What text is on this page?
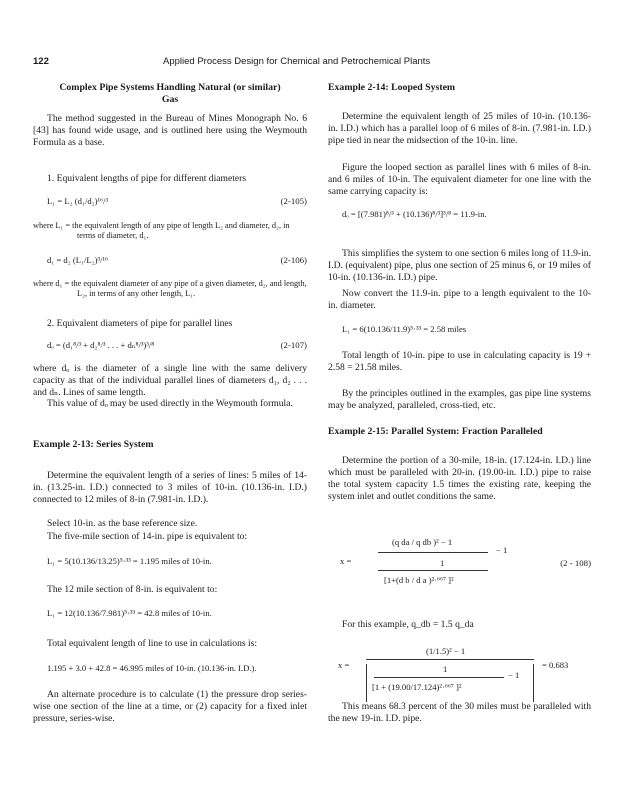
122	Applied Process Design for Chemical and Petrochemical Plants
Complex Pipe Systems Handling Natural (or similar) Gas
The method suggested in the Bureau of Mines Monograph No. 6 [43] has found wide usage, and is outlined here using the Weymouth Formula as a base.
1. Equivalent lengths of pipe for different diameters
L₁ = L₂ (d₁/d₂)¹⁶/³	(2-105)
where L₁ = the equivalent length of any pipe of length L₂ and diameter, d₂, in terms of diameter, d₁.
d₁ = d₂ (L₁/L₂)³/¹⁶	(2-106)
where d₁ = the equivalent diameter of any pipe of a given diameter, d₂, and length, L₂, in terms of any other length, L₁.
2. Equivalent diameters of pipe for parallel lines
dₒ = (d₁⁸/³ + d₂⁸/³ . . . + dₙ⁸/³)³/⁸	(2-107)
where dₒ is the diameter of a single line with the same delivery capacity as that of the individual parallel lines of diameters d₁, d₂ . . . and dₙ. Lines of same length.
This value of dₒ may be used directly in the Weymouth formula.
Example 2-13: Series System
Determine the equivalent length of a series of lines: 5 miles of 14-in. (13.25-in. I.D.) connected to 3 miles of 10-in. (10.136-in. I.D.) connected to 12 miles of 8-in (7.981-in. I.D.).
Select 10-in. as the base reference size.
The five-mile section of 14-in. pipe is equivalent to:
L₁ = 5(10.136/13.25)⁵·³³ = 1.195 miles of 10-in.
The 12 mile section of 8-in. is equivalent to:
L₁ = 12(10.136/7.981)⁵·³³ = 42.8 miles of 10-in.
Total equivalent length of line to use in calculations is:
1.195 + 3.0 + 42.8 = 46.995 miles of 10-in. (10.136-in. I.D.).
An alternate procedure is to calculate (1) the pressure drop series-wise one section of the line at a time, or (2) capacity for a fixed inlet pressure, series-wise.
Example 2-14: Looped System
Determine the equivalent length of 25 miles of 10-in. (10.136-in. I.D.) which has a parallel loop of 6 miles of 8-in. (7.981-in. I.D.) pipe tied in near the midsection of the 10-in. line.
Figure the looped section as parallel lines with 6 miles of 8-in. and 6 miles of 10-in. The equivalent diameter for one line with the same carrying capacity is:
dₒ = [(7.981)⁸/³ + (10.136)⁸/³]³/⁸ = 11.9-in.
This simplifies the system to one section 6 miles long of 11.9-in. I.D. (equivalent) pipe, plus one section of 25 minus 6, or 19 miles of 10-in. (10.136-in. I.D.) pipe.
Now convert the 11.9-in. pipe to a length equivalent to the 10-in. diameter.
L₁ = 6(10.136/11.9)⁵·³³ = 2.58 miles
Total length of 10-in. pipe to use in calculating capacity is 19 + 2.58 = 21.58 miles.
By the principles outlined in the examples, gas pipe line systems may be analyzed, paralleled, cross-tied, etc.
Example 2-15: Parallel System: Fraction Paralleled
Determine the portion of a 30-mile, 18-in. (17.124-in. I.D.) line which must be paralleled with 20-in. (19.00-in. I.D.) pipe to raise the total system capacity 1.5 times the existing rate, keeping the system inlet and outlet conditions the same.
x =
(q da / q db )² − 1
− 1
1
[1+(d b / d a )²·⁶⁶⁷ ]²
(2 - 108)
For this example, q_db = 1.5 q_da
x =
(1/1.5)² − 1
1
[1 + (19.00/17.124)²·⁶⁶⁷ ]²
− 1
= 0.683
This means 68.3 percent of the 30 miles must be paralleled with the new 19-in. I.D. pipe.
